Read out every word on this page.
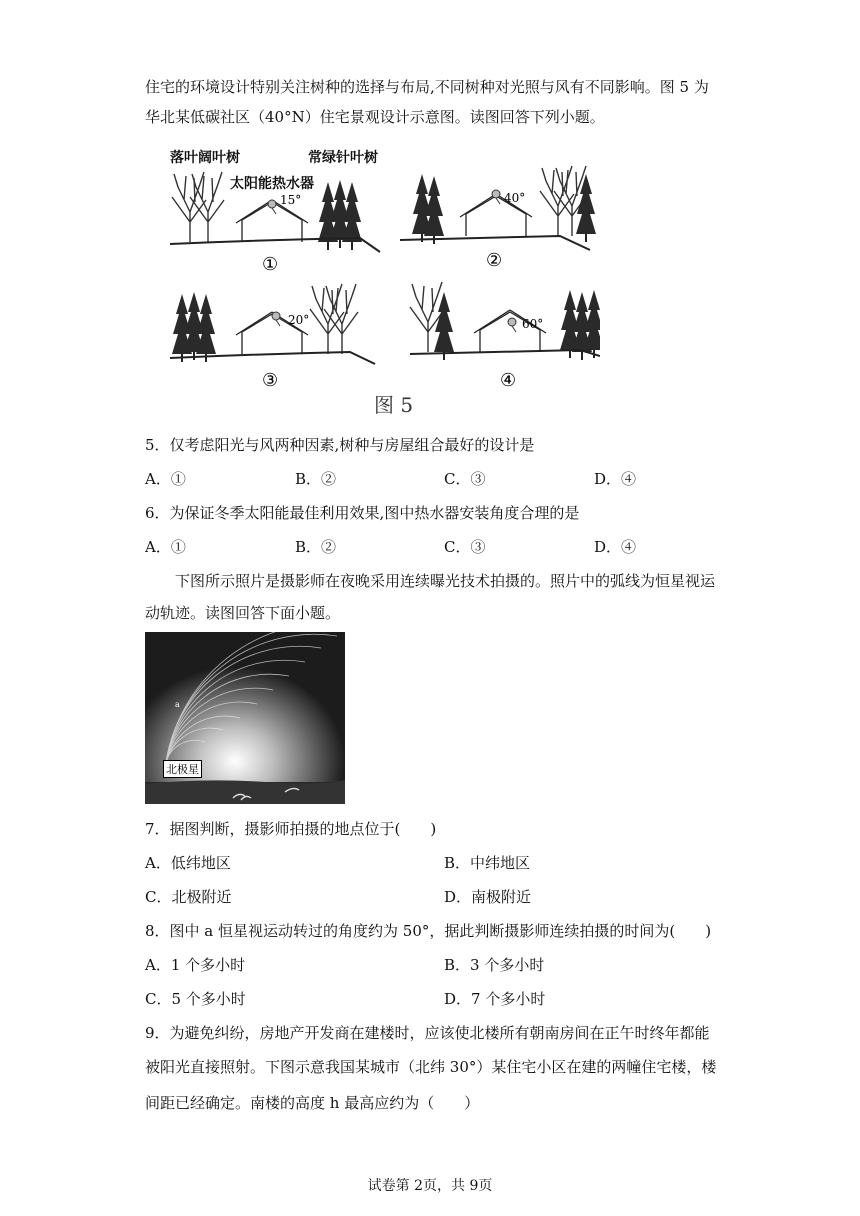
住宅的环境设计特别关注树种的选择与布局,不同树种对光照与风有不同影响。图 5 为
华北某低碳社区（40°N）住宅景观设计示意图。读图回答下列小题。
落叶阔叶树	常绿针叶树
太阳能热水器
15°
①
40°
②
20°
③
60°
④
图 5
5．仅考虑阳光与风两种因素,树种与房屋组合最好的设计是
A．①	B．②	C．③	D．④
6．为保证冬季太阳能最佳利用效果,图中热水器安装角度合理的是
A．①	B．②	C．③	D．④
下图所示照片是摄影师在夜晚采用连续曝光技术拍摄的。照片中的弧线为恒星视运
动轨迹。读图回答下面小题。
a
北极星
7．据图判断，摄影师拍摄的地点位于(　　)
A．低纬地区	B．中纬地区
C．北极附近	D．南极附近
8．图中 a 恒星视运动转过的角度约为 50°，据此判断摄影师连续拍摄的时间为(　　)
A．1 个多小时	B．3 个多小时
C．5 个多小时	D．7 个多小时
9．为避免纠纷，房地产开发商在建楼时，应该使北楼所有朝南房间在正午时终年都能
被阳光直接照射。下图示意我国某城市（北纬 30°）某住宅小区在建的两幢住宅楼，楼
间距已经确定。南楼的高度 h 最高应约为（　　）
试卷第 2页，共 9页
